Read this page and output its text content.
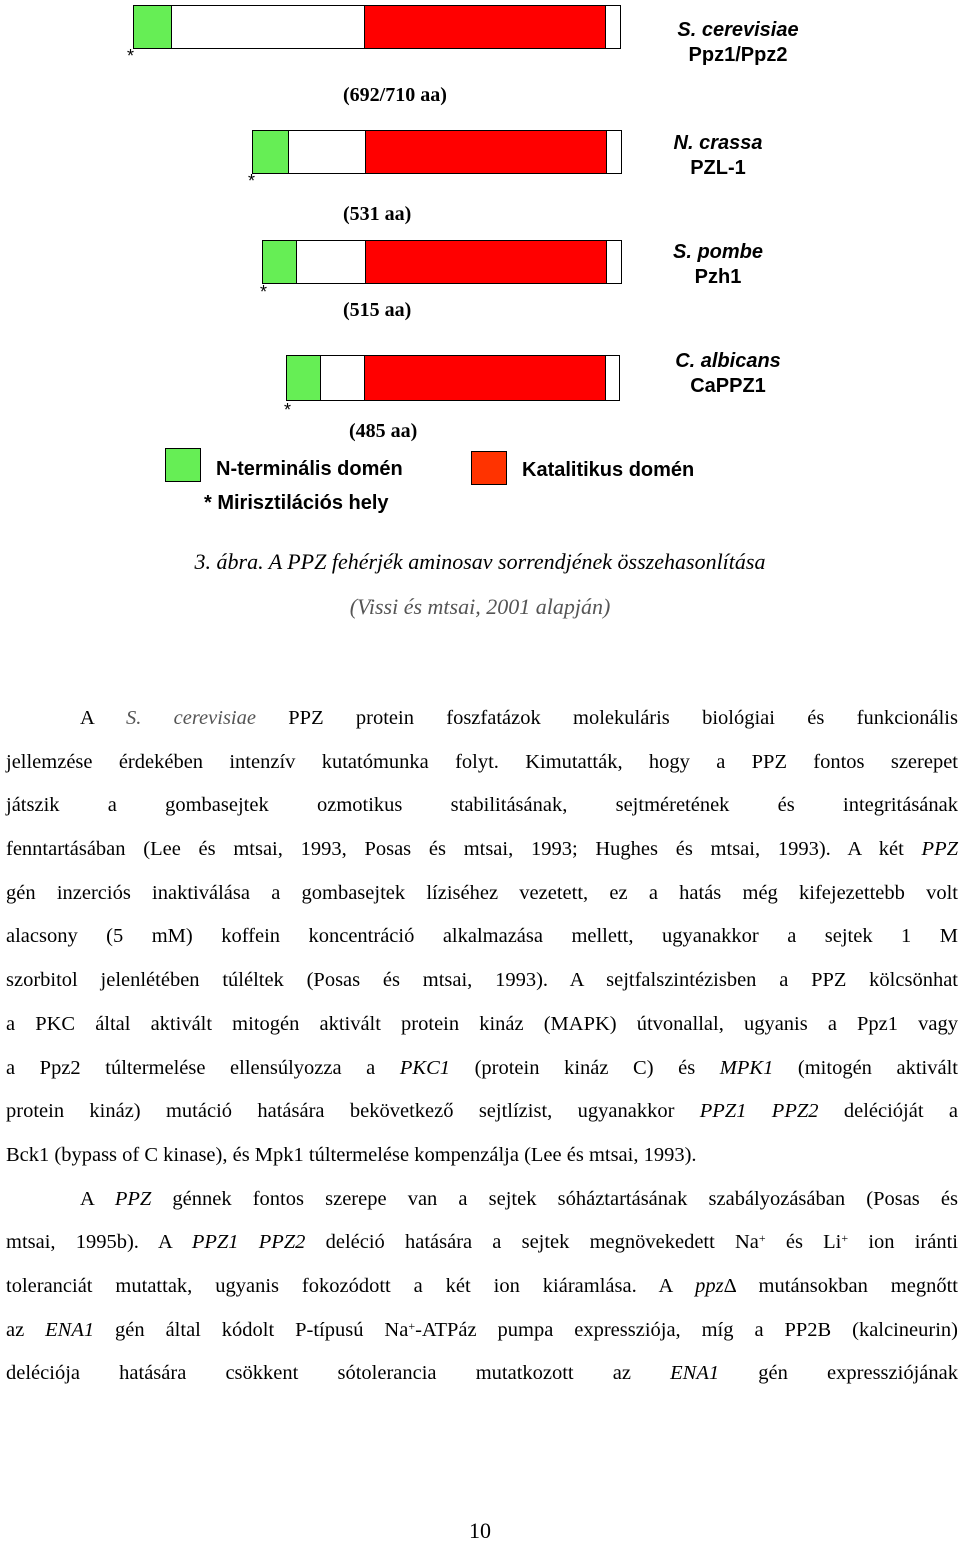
*
S. cerevisiae
Ppz1/Ppz2
(692/710 aa)
*
N. crassa
PZL-1
(531 aa)
*
S. pombe
Pzh1
(515 aa)
*
C. albicans
CaPPZ1
(485 aa)
N-terminális domén	Katalitikus domén
* Mirisztilációs hely
3. ábra. A PPZ fehérjék aminosav sorrendjének összehasonlítása
(Vissi és mtsai, 2001 alapján)
A S. cerevisiae PPZ protein foszfatázok molekuláris biológiai és funkcionális
jellemzése érdekében intenzív kutatómunka folyt. Kimutatták, hogy a PPZ fontos szerepet
játszik a gombasejtek ozmotikus stabilitásának, sejtméretének és integritásának
fenntartásában (Lee és mtsai, 1993, Posas és mtsai, 1993; Hughes és mtsai, 1993). A két PPZ
gén inzerciós inaktiválása a gombasejtek líziséhez vezetett, ez a hatás még kifejezettebb volt
alacsony (5 mM) koffein koncentráció alkalmazása mellett, ugyanakkor a sejtek 1 M
szorbitol jelenlétében túléltek (Posas és mtsai, 1993). A sejtfalszintézisben a PPZ kölcsönhat
a PKC által aktivált mitogén aktivált protein kináz (MAPK) útvonallal, ugyanis a Ppz1 vagy
a Ppz2 túltermelése ellensúlyozza a PKC1 (protein kináz C) és MPK1 (mitogén aktivált
protein kináz) mutáció hatására bekövetkező sejtlízist, ugyanakkor PPZ1 PPZ2 delécióját a
Bck1 (bypass of C kinase), és Mpk1 túltermelése kompenzálja (Lee és mtsai, 1993).
A PPZ génnek fontos szerepe van a sejtek sóháztartásának szabályozásában (Posas és
mtsai, 1995b). A PPZ1 PPZ2 deléció hatására a sejtek megnövekedett Na+ és Li+ ion iránti
toleranciát mutattak, ugyanis fokozódott a két ion kiáramlása. A ppzΔ mutánsokban megnőtt
az ENA1 gén által kódolt P-típusú Na+-ATPáz pumpa expressziója, míg a PP2B (kalcineurin)
deléciója hatására csökkent sótolerancia mutatkozott az ENA1 gén expressziójának
10
